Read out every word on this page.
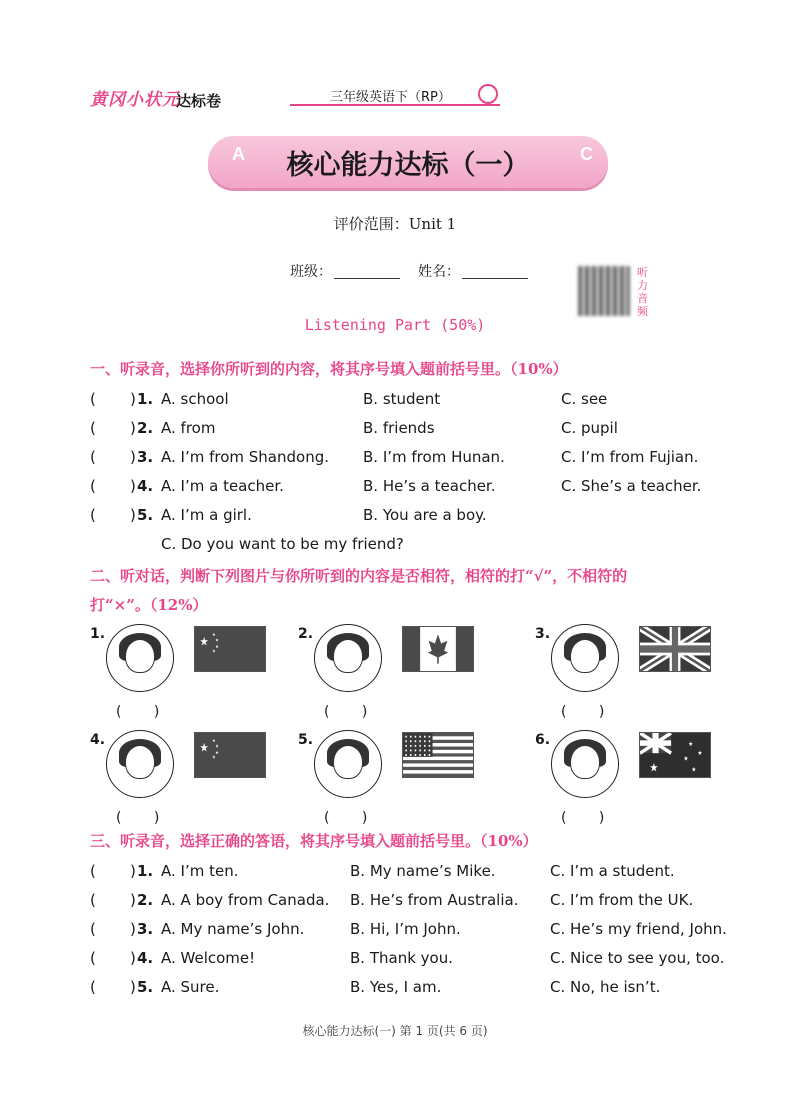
黄冈小状元
达标卷	三年级英语下（RP）
A	C
核心能力达标（一）
评价范围：Unit 1
班级：	姓名：	听力音频
Listening Part (50%)
一、听录音，选择你所听到的内容，将其序号填入题前括号里。（10%）
( ) 1. A. school	B. student	C. see
( ) 2. A. from	B. friends	C. pupil
( ) 3. A. I’m from Shandong. B. I’m from Hunan.	C. I’m from Fujian.
( ) 4. A. I’m a teacher.	B. He’s a teacher.	C. She’s a teacher.
( ) 5. A. I’m a girl.	B. You are a boy.
C. Do you want to be my friend?
二、听对话，判断下列图片与你所听到的内容是否相符，相符的打“√”，不相符的
打“×”。（12%）
1.	★ ★
★
★
★
( )
2.
( )
3.
( )
4.	★ ★
★
★
★
( )
5.
( )
6.
★
★
★
★
★
( )
三、听录音，选择正确的答语，将其序号填入题前括号里。（10%）
( ) 1. A. I’m ten.	B. My name’s Mike.	C. I’m a student.
( ) 2. A. A boy from Canada. B. He’s from Australia. C. I’m from the UK.
( ) 3. A. My name’s John.	B. Hi, I’m John.	C. He’s my friend, John.
( ) 4. A. Welcome!	B. Thank you.	C. Nice to see you, too.
( ) 5. A. Sure.	B. Yes, I am.	C. No, he isn’t.
核心能力达标(一) 第 1 页(共 6 页)
